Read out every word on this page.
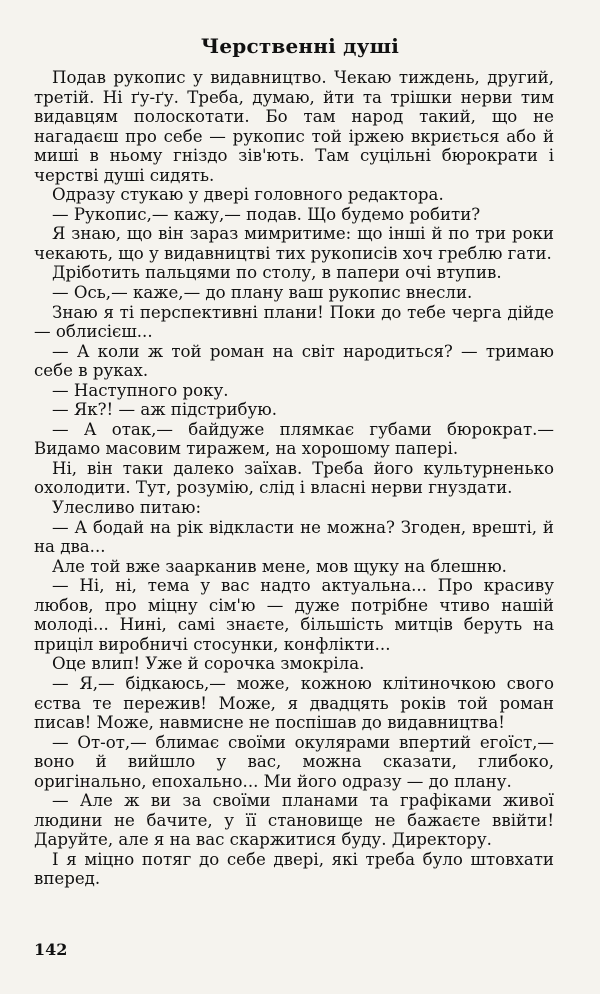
Черственні душі

Подав рукопис у видавництво. Чекаю тиждень, другий, третій. Ні ґу-ґу. Треба, думаю, йти та трішки нерви тим видавцям полоскотати. Бо там народ такий, що не нагадаєш про себе — рукопис той іржею вкриється або й миші в ньому гніздо зів'ють. Там суцільні бюрократи і черстві душі сидять.

Одразу стукаю у двері головного редактора.

— Рукопис,— кажу,— подав. Що будемо робити?

Я знаю, що він зараз мимритиме: що інші й по три роки чекають, що у видавництві тих рукописів хоч греблю гати.

Дріботить пальцями по столу, в папери очі втупив.

— Ось,— каже,— до плану ваш рукопис внесли.

Знаю я ті перспективні плани! Поки до тебе черга дійде — облисієш...

— А коли ж той роман на світ народиться? — тримаю себе в руках.

— Наступного року.

— Як?! — аж підстрибую.

— А отак,— байдуже плямкає губами бюрократ.— Видамо масовим тиражем, на хорошому папері.

Ні, він таки далеко заїхав. Треба його культурненько охолодити. Тут, розумію, слід і власні нерви гнуздати.

Улесливо питаю:

— А бодай на рік відкласти не можна? Згоден, врешті, й на два...

Але той вже заарканив мене, мов щуку на блешню.

— Ні, ні, тема у вас надто актуальна... Про красиву любов, про міцну сім'ю — дуже потрібне чтиво нашій молоді... Нині, самі знаєте, більшість митців беруть на приціл виробничі стосунки, конфлікти...

Оце влип! Уже й сорочка змокріла.

— Я,— бідкаюсь,— може, кожною клітиночкою свого єства те пережив! Може, я двадцять років той роман писав! Може, навмисне не поспішав до видавництва!

— От-от,— блимає своїми окулярами впертий егоїст,— воно й вийшло у вас, можна сказати, глибоко, оригінально, епохально... Ми його одразу — до плану.

— Але ж ви за своїми планами та графіками живої людини не бачите, у її становище не бажаєте ввійти! Даруйте, але я на вас скаржитися буду. Директору.

І я міцно потяг до себе двері, які треба було штовхати вперед.

142
